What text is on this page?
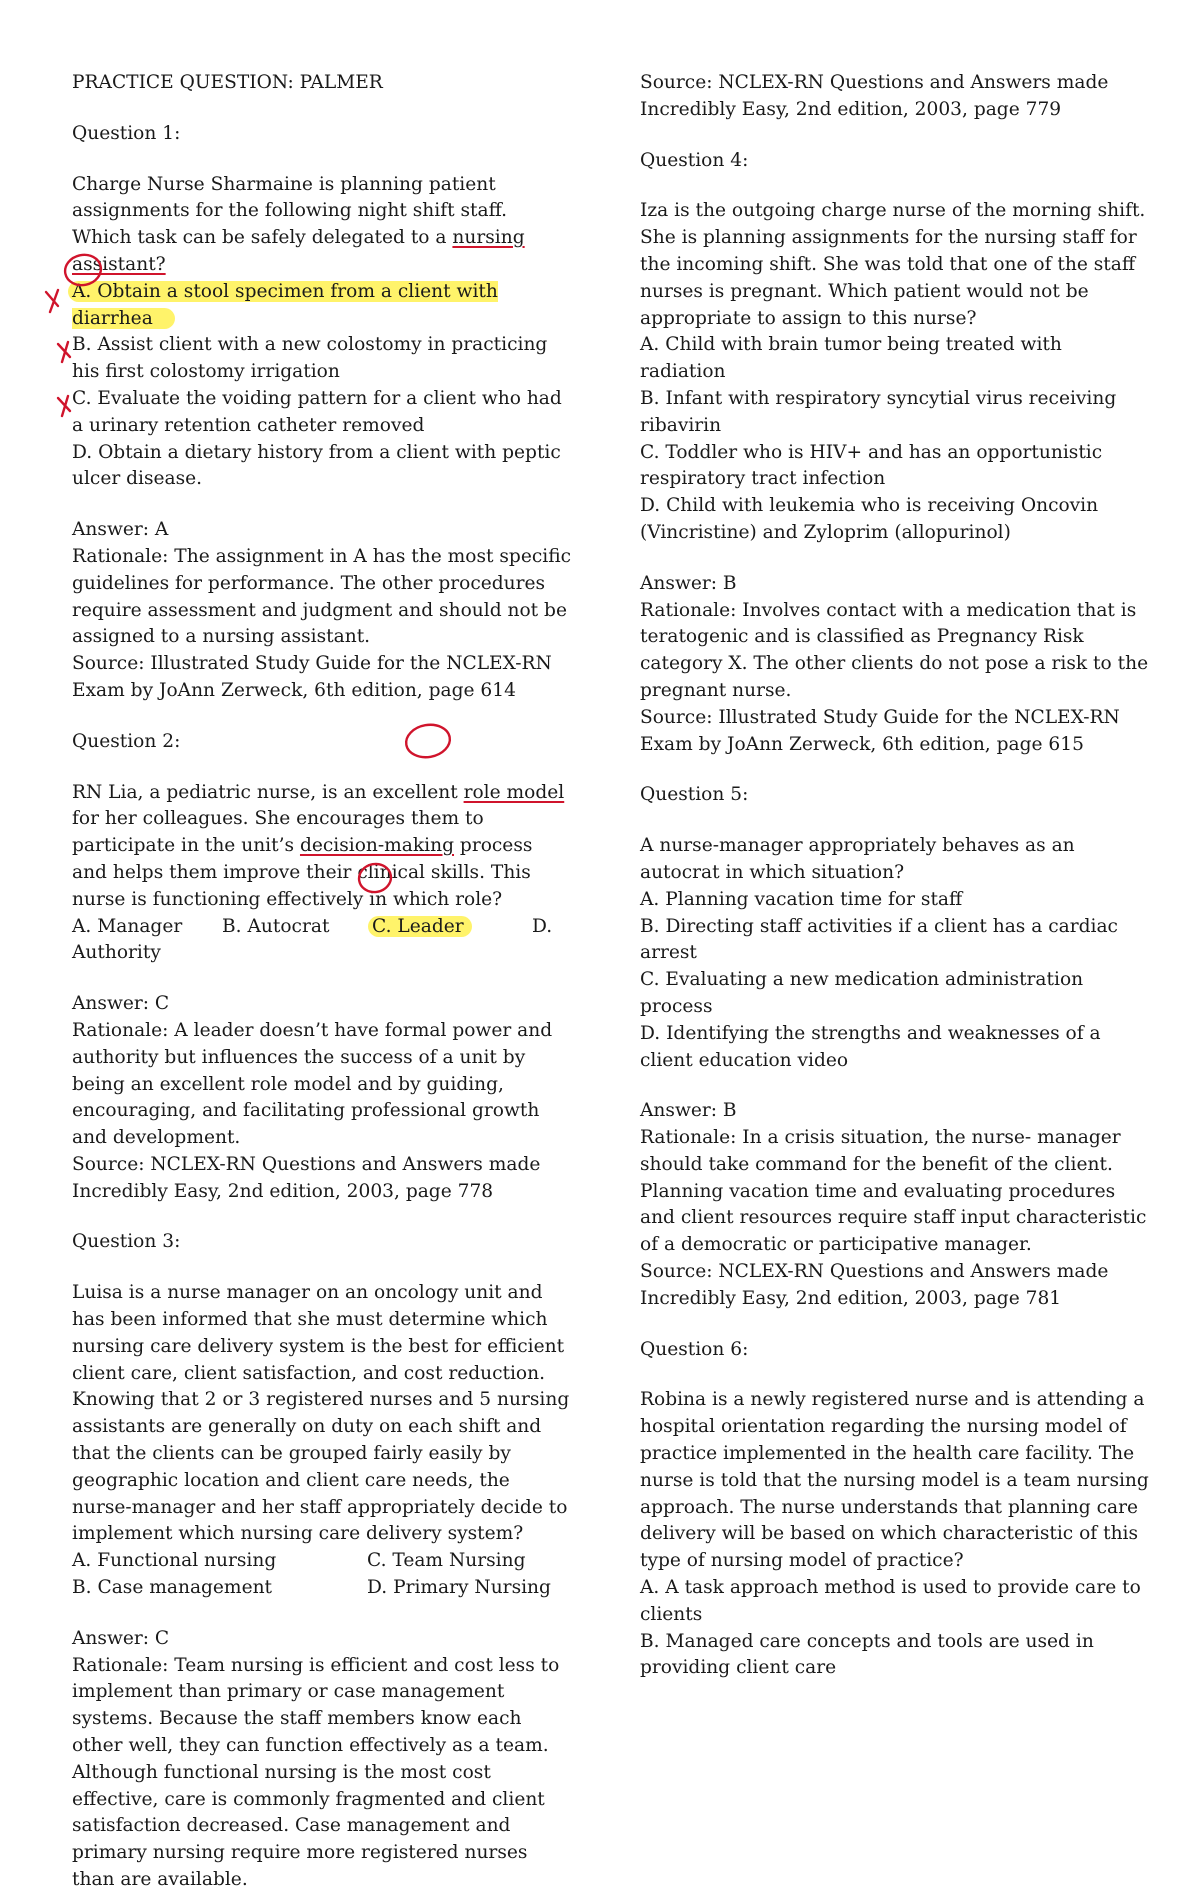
PRACTICE QUESTION: PALMER

Question 1:

Charge Nurse Sharmaine is planning patient assignments for the following night shift staff. Which task can be safely delegated to a nursing assistant?

A. Obtain a stool specimen from a client with diarrhea

B. Assist client with a new colostomy in practicing his first colostomy irrigation

C. Evaluate the voiding pattern for a client who had a urinary retention catheter removed

D. Obtain a dietary history from a client with peptic ulcer disease.

Answer: A

Rationale: The assignment in A has the most specific guidelines for performance. The other procedures require assessment and judgment and should not be assigned to a nursing assistant.

Source: Illustrated Study Guide for the NCLEX-RN Exam by JoAnn Zerweck, 6th edition, page 614

Question 2:

RN Lia, a pediatric nurse, is an excellent role model for her colleagues. She encourages them to participate in the unit’s decision-making process and helps them improve their clinical skills. This nurse is functioning effectively in which role?

A. Manager	B. Autocrat	C. Leader	D.

Authority

Answer: C

Rationale: A leader doesn’t have formal power and authority but influences the success of a unit by being an excellent role model and by guiding, encouraging, and facilitating professional growth and development.

Source: NCLEX-RN Questions and Answers made Incredibly Easy, 2nd edition, 2003, page 778

Question 3:

Luisa is a nurse manager on an oncology unit and has been informed that she must determine which nursing care delivery system is the best for efficient client care, client satisfaction, and cost reduction. Knowing that 2 or 3 registered nurses and 5 nursing assistants are generally on duty on each shift and that the clients can be grouped fairly easily by geographic location and client care needs, the nurse-manager and her staff appropriately decide to implement which nursing care delivery system?

A. Functional nursing	C. Team Nursing
B. Case management	D. Primary Nursing

Answer: C

Rationale: Team nursing is efficient and cost less to implement than primary or case management systems. Because the staff members know each other well, they can function effectively as a team. Although functional nursing is the most cost effective, care is commonly fragmented and client satisfaction decreased. Case management and primary nursing require more registered nurses than are available.

Source: NCLEX-RN Questions and Answers made Incredibly Easy, 2nd edition, 2003, page 779

Question 4:

Iza is the outgoing charge nurse of the morning shift. She is planning assignments for the nursing staff for the incoming shift. She was told that one of the staff nurses is pregnant. Which patient would not be appropriate to assign to this nurse?

A. Child with brain tumor being treated with radiation

B. Infant with respiratory syncytial virus receiving ribavirin

C. Toddler who is HIV+ and has an opportunistic respiratory tract infection

D. Child with leukemia who is receiving Oncovin (Vincristine) and Zyloprim (allopurinol)

Answer: B

Rationale: Involves contact with a medication that is teratogenic and is classified as Pregnancy Risk category X. The other clients do not pose a risk to the pregnant nurse.

Source: Illustrated Study Guide for the NCLEX-RN Exam by JoAnn Zerweck, 6th edition, page 615

Question 5:

A nurse-manager appropriately behaves as an autocrat in which situation?

A. Planning vacation time for staff

B. Directing staff activities if a client has a cardiac arrest

C. Evaluating a new medication administration process

D. Identifying the strengths and weaknesses of a client education video

Answer: B

Rationale: In a crisis situation, the nurse- manager should take command for the benefit of the client. Planning vacation time and evaluating procedures and client resources require staff input characteristic of a democratic or participative manager.

Source: NCLEX-RN Questions and Answers made Incredibly Easy, 2nd edition, 2003, page 781

Question 6:

Robina is a newly registered nurse and is attending a hospital orientation regarding the nursing model of practice implemented in the health care facility. The nurse is told that the nursing model is a team nursing approach. The nurse understands that planning care delivery will be based on which characteristic of this type of nursing model of practice?

A. A task approach method is used to provide care to clients

B. Managed care concepts and tools are used in providing client care
